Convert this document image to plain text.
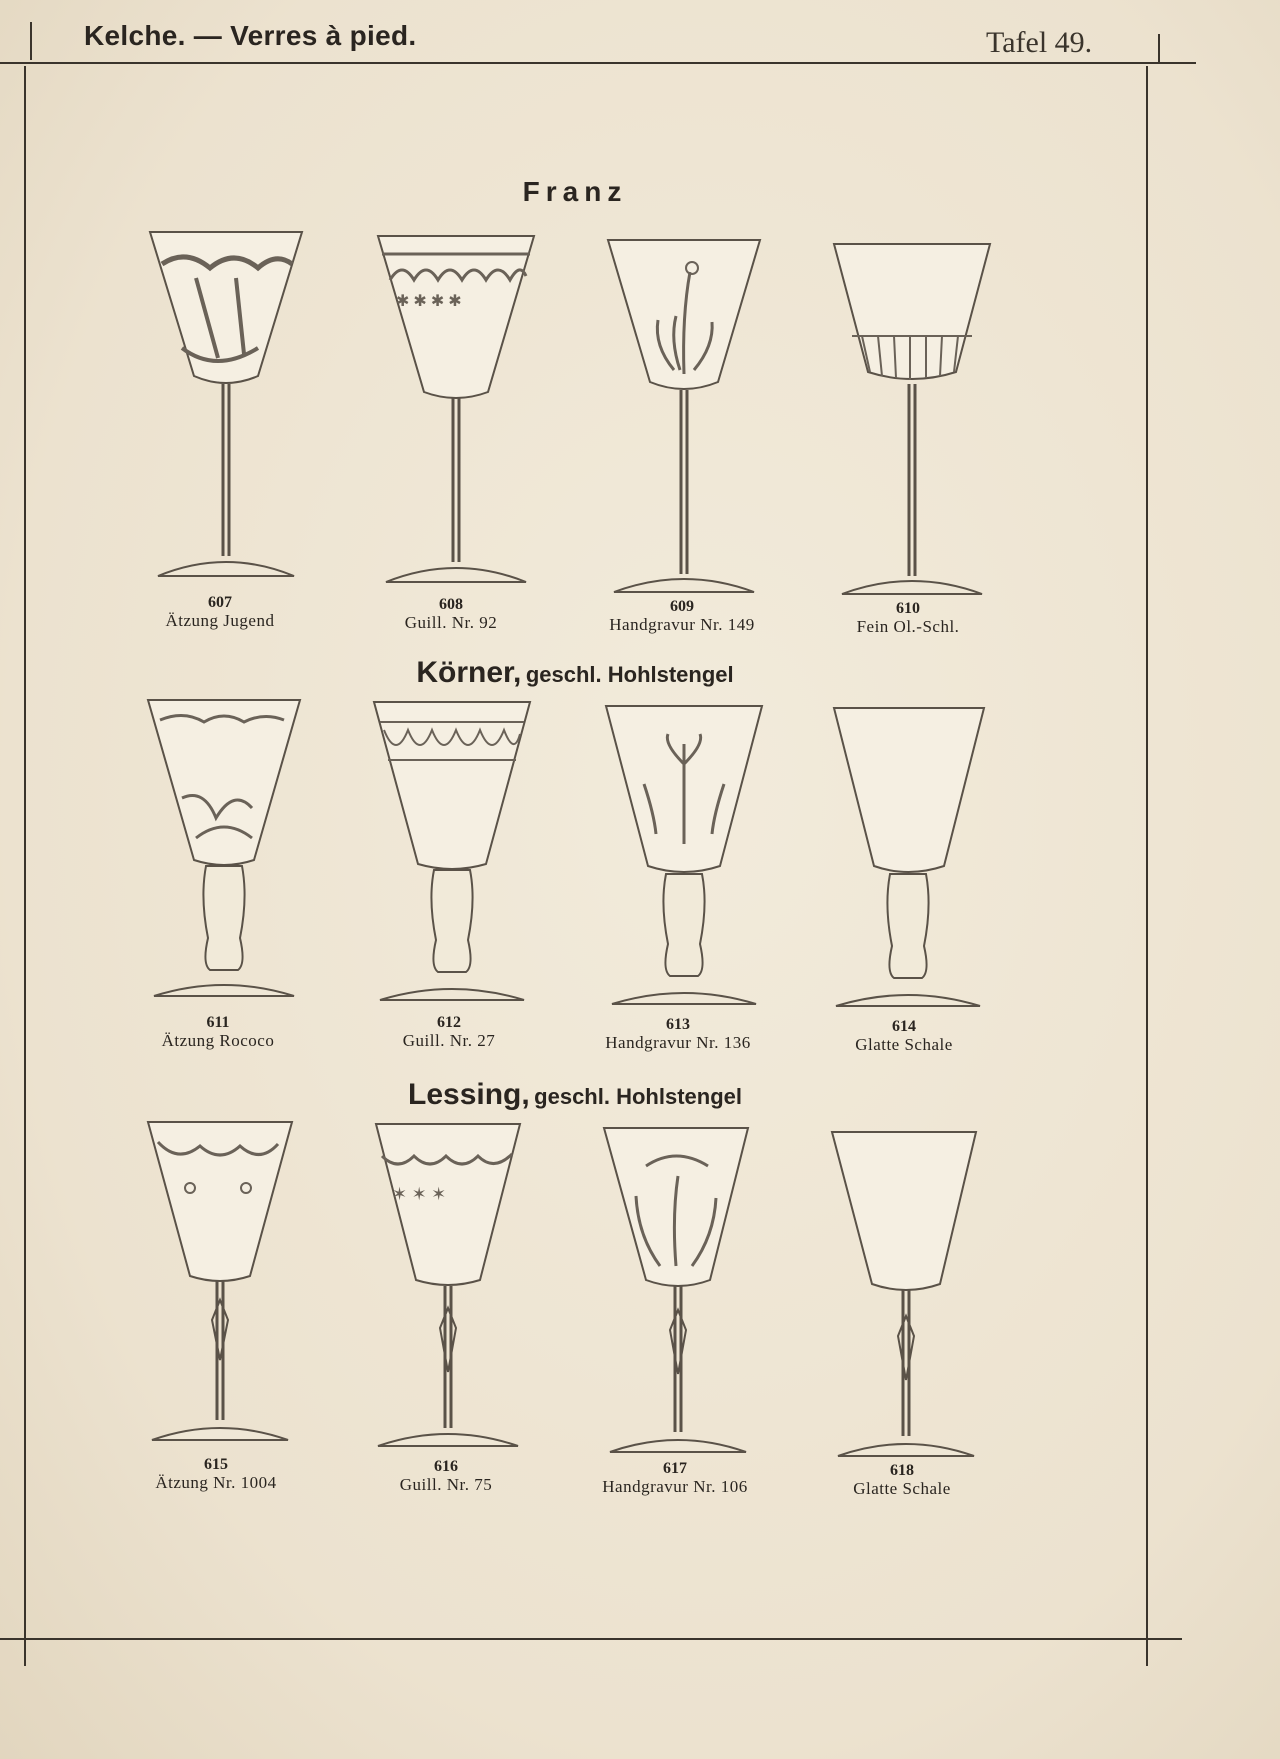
Kelche. — Verres à pied.	Tafel 49.
Franz
Körner, geschl. Hohlstengel
Lessing, geschl. Hohlstengel
✱ ✱ ✱ ✱
607
Ätzung Jugend
608
Guill. Nr. 92
609
Handgravur Nr. 149
610
Fein Ol.-Schl.
611
Ätzung Rococo
612
Guill. Nr. 27
613
Handgravur Nr. 136
614
Glatte Schale
✶ ✶ ✶
615
Ätzung Nr. 1004
616
Guill. Nr. 75
617
Handgravur Nr. 106
618
Glatte Schale
